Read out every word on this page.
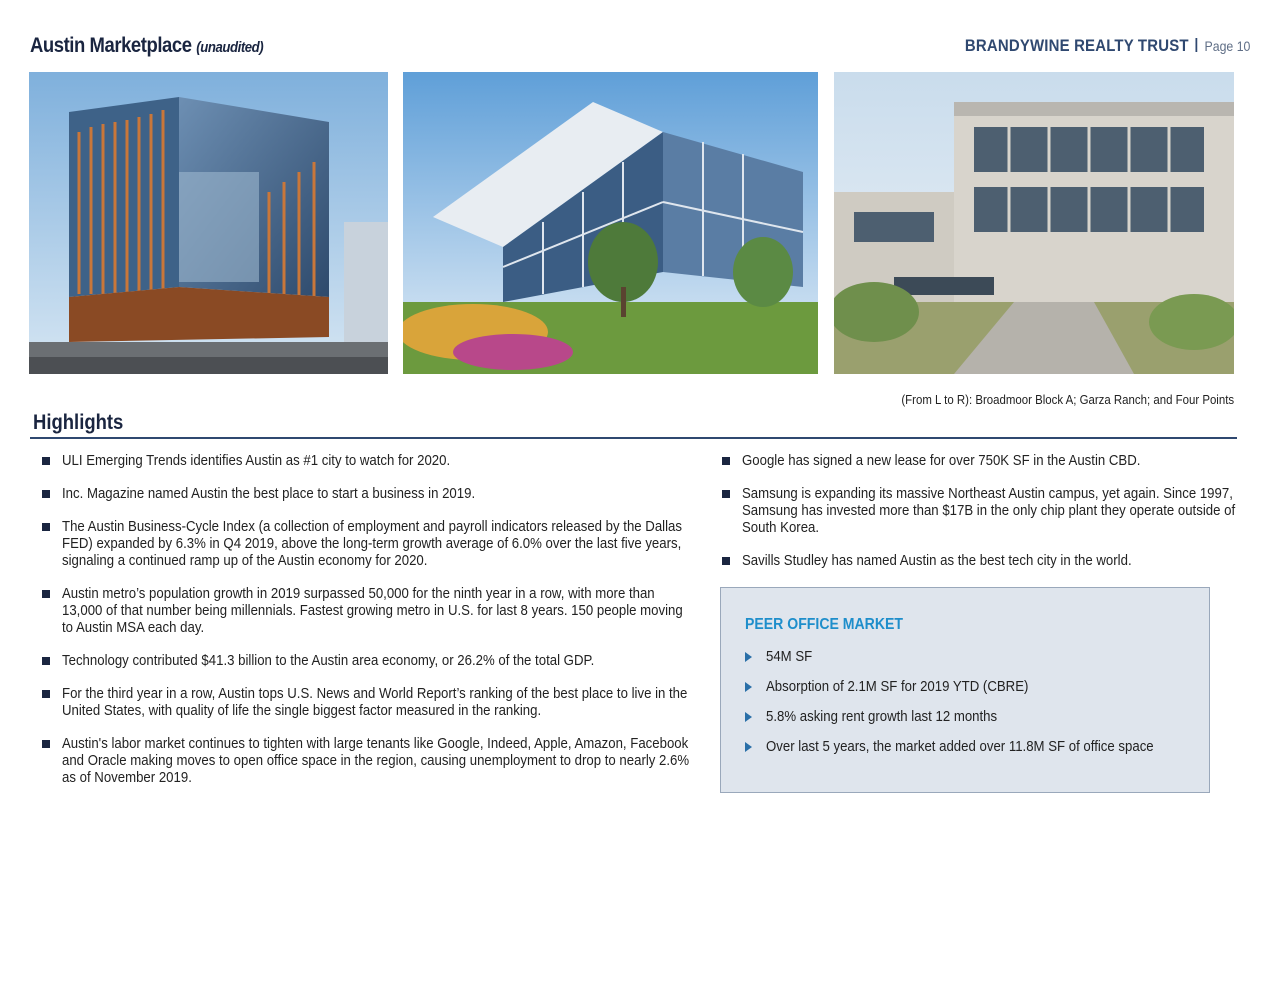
Austin Marketplace (unaudited)	BRANDYWINE REALTY TRUST Page 10
(From L to R): Broadmoor Block A; Garza Ranch; and Four Points
Highlights
ULI Emerging Trends identifies Austin as #1 city to watch for 2020.
Inc. Magazine named Austin the best place to start a business in 2019.
The Austin Business-Cycle Index (a collection of employment and payroll indicators released by the Dallas FED) expanded by 6.3% in Q4 2019, above the long-term growth average of 6.0% over the last five years, signaling a continued ramp up of the Austin economy for 2020.
Austin metro’s population growth in 2019 surpassed 50,000 for the ninth year in a row, with more than 13,000 of that number being millennials. Fastest growing metro in U.S. for last 8 years. 150 people moving to Austin MSA each day.
Technology contributed $41.3 billion to the Austin area economy, or 26.2% of the total GDP.
For the third year in a row, Austin tops U.S. News and World Report’s ranking of the best place to live in the United States, with quality of life the single biggest factor measured in the ranking.
Austin's labor market continues to tighten with large tenants like Google, Indeed, Apple, Amazon, Facebook and Oracle making moves to open office space in the region, causing unemployment to drop to nearly 2.6% as of November 2019.
Google has signed a new lease for over 750K SF in the Austin CBD.
Samsung is expanding its massive Northeast Austin campus, yet again. Since 1997, Samsung has invested more than $17B in the only chip plant they operate outside of South Korea.
Savills Studley has named Austin as the best tech city in the world.
PEER OFFICE MARKET
54M SF
Absorption of 2.1M SF for 2019 YTD (CBRE)
5.8% asking rent growth last 12 months
Over last 5 years, the market added over 11.8M SF of office space
